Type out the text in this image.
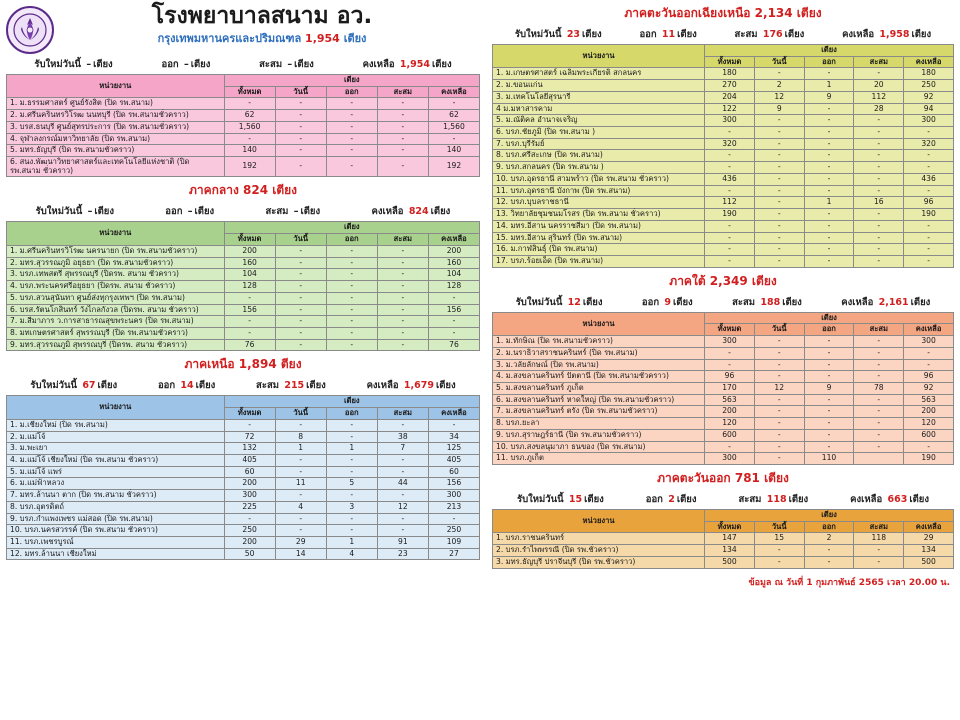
โรงพยาบาลสนาม อว.
กรุงเทพมหานครและปริมณฑล 1,954 เตียง
รับใหม่วันนี้ – เตียง	ออก – เตียง	สะสม – เตียง	คงเหลือ 1,954 เตียง
หน่วยงาน	เตียง				
	ทั้งหมด	วันนี้	ออก	สะสม	คงเหลือ
1. ม.ธรรมศาสตร์ ศูนย์รังสิต (ปิด รพ.สนาม)	-	-	-	-	-
2. ม.ศรีนครินทรวิโรฒ นนทบุรี (ปิด รพ.สนามชั่วคราว)	62	-	-	-	62
3. บรส.ธนบุรี ศูนย์สุทรประการ (ปิด รพ.สนามชั่วคราว)	1,560	-	-	-	1,560
4. จุฬาลงกรณ์มหาวิทยาลัย (ปิด รพ.สนาม)	-	-	-	-	-
5. มทร.ธัญบุรี (ปิด รพ.สนามชั่วคราว)	140	-	-	-	140
6. สนง.พัฒนาวิทยาศาสตร์และเทคโนโลยีแห่งชาติ (ปิด รพ.สนาม ชั่วคราว)	192	-	-	-	192
ภาคกลาง 824 เตียง
รับใหม่วันนี้ – เตียง	ออก – เตียง	สะสม – เตียง	คงเหลือ 824 เตียง
หน่วยงาน	เตียง				
	ทั้งหมด	วันนี้	ออก	สะสม	คงเหลือ
1. ม.ศรีนครินทรวิโรฒ นครนายก (ปิด รพ.สนามชั่วคราว)	200	-	-	-	200
2. มทร.สุวรรณภูมิ อยุธยา (ปิด รพ.สนามชั่วคราว)	160	-	-	-	160
3. บรภ.เทพสตรี สุพรรณบุรี (ปิดรพ. สนาม ชั่วคราว)	104	-	-	-	104
4. บรภ.พระนครศรีอยุธยา (ปิดรพ. สนาม ชั่วคราว)	128	-	-	-	128
5. บรภ.สวนสุนันทา ศูนย์ส่งทุกรุงเทพฯ (ปิด รพ.สนาม)	-	-	-	-	-
6. บรส.รัตนโกสินทร์ วังไกลกังวล (ปิดรพ. สนาม ชั่วคราว)	156	-	-	-	156
7. ม.สีมาภาร ว.การสาธารณสุขพระนคร (ปิด รพ.สนาม)	-	-	-	-	-
8. มทเกษตรศาสตร์ สุพรรณบุรี (ปิด รพ.สนามชั่วคราว)	-	-	-	-	-
9. มทร.สุวรรณภูมิ สุพรรณบุรี (ปิดรพ. สนาม ชั่วคราว)	76	-	-	-	76
ภาคเหนือ 1,894 ตียง
รับใหม่วันนี้ 67 เตียง	ออก 14 เตียง	สะสม 215 เตียง	คงเหลือ 1,679 เตียง
หน่วยงาน	เตียง				
	ทั้งหมด	วันนี้	ออก	สะสม	คงเหลือ
1. ม.เชียงใหม่ (ปิด รพ.สนาม)	-	-	-	-	-
2. ม.แม่โจ้	72	8	-	38	34
3. ม.พะเยา	132	1	1	7	125
4. ม.แม่โจ้ เชียงใหม่ (ปิด รพ.สนาม ชั่วคราว)	405	-	-	-	405
5. ม.แม่โจ้ แพร่	60	-	-	-	60
6. ม.แม่ฟ้าหลวง	200	11	5	44	156
7. มทร.ล้านนา ตาก (ปิด รพ.สนาม ชั่วคราว)	300	-	-	-	300
8. บรภ.อุตรดิตถ์	225	4	3	12	213
9. บรภ.กำแพงเพชร แม่สอด (ปิด รพ.สนาม)	-	-	-	-	-
10. บรภ.นครสวรรค์ (ปิด รพ.สนาม ชั่วคราว)	250	-	-	-	250
11. บรภ.เพชรบูรณ์	200	29	1	91	109
12. มทร.ล้านนา เชียงใหม่	50	14	4	23	27
ภาคตะวันออกเฉียงเหนือ 2,134 เตียง
รับใหม่วันนี้ 23 เตียง	ออก 11 เตียง	สะสม 176 เตียง	คงเหลือ 1,958 เตียง
หน่วยงาน	เตียง				
	ทั้งหมด	วันนี้	ออก	สะสม	คงเหลือ
1. ม.เกษตรศาสตร์ เฉลิมพระเกียรติ สกลนคร	180	-	-	-	180
2. ม.ขอนแก่น	270	2	1	20	250
3. ม.เทคโนโลยีสุรนารี	204	12	9	112	92
4 ม.มหาสารคาม	122	9	-	28	94
5. ม.ณัติคล อำนาจเจริญ	300	-	-	-	300
6. บรภ.ชัยภูมิ (ปิด รพ.สนาม )	-	-	-	-	-
7. บรภ.บุรีรัมย์	320	-	-	-	320
8. บรภ.ศรีสะเกษ (ปิด รพ.สนาม)	-	-	-	-	-
9. บรภ.สกลนคร (ปิด รพ.สนาม )	-	-	-	-	-
10. บรภ.อุดรธานี สามพร้าว (ปิด รพ.สนาม ชั่วคราว)	436	-	-	-	436
11. บรภ.อุดรธานี บังกาพ (ปิด รพ.สนาม)	-	-	-	-	-
12. บรภ.บุบลราชธานี	112	-	1	16	96
13. วิทยาลัยชุมชนมโรสร (ปิด รพ.สนาม ชั่วคราว)	190	-	-	-	190
14. มทร.อีสาน นครราชสีมา (ปิด รพ.สนาม)	-	-	-	-	-
15. มทร.อีสาน สุรินทร์ (ปิด รพ.สนาม)	-	-	-	-	-
16. ม.กาฬสินธุ์ (ปิด รพ.สนาม)	-	-	-	-	-
17. บรภ.ร้อยเอ็ด (ปิด รพ.สนาม)	-	-	-	-	-
ภาคใต้ 2,349 เตียง
รับใหม่วันนี้ 12 เตียง	ออก 9 เตียง	สะสม 188 เตียง	คงเหลือ 2,161 เตียง
หน่วยงาน	เตียง				
	ทั้งหมด	วันนี้	ออก	สะสม	คงเหลือ
1. ม.ทักษิณ (ปิด รพ.สนามชั่วคราว)	300	-	-	-	300
2. ม.นราธิวาสราชนครินทร์ (ปิด รพ.สนาม)	-	-	-	-	-
3. ม.วลัยลักษณ์ (ปิด รพ.สนาม)	-	-	-	-	-
4. ม.สงขลานครินทร์ ปัตตานี (ปิด รพ.สนามชั่วคราว)	96	-	-	-	96
5. ม.สงขลานครินทร์ ภูเก็ต	170	12	9	78	92
6. ม.สงขลานครินทร์ หาดใหญ่ (ปิด รพ.สนามชั่วคราว)	563	-	-	-	563
7. ม.สงขลานครินทร์ ตรัง (ปิด รพ.สนามชั่วคราว)	200	-	-	-	200
8. บรภ.ยะลา	120	-	-	-	120
9. บรภ.สุราษฎร์ธานี (ปิด รพ.สนามชั่วคราว)	600	-	-	-	600
10. บรภ.สงขลนุมาภา ธนของ (ปิด รพ.สนาม)	-	-	-	-	-
11. บรภ.ภูเก็ต	300	-	110		190
ภาคตะวันออก 781 เตียง
รับใหม่วันนี้ 15 เตียง	ออก 2 เตียง	สะสม 118 เตียง	คงเหลือ 663 เตียง
หน่วยงาน	เตียง				
	ทั้งหมด	วันนี้	ออก	สะสม	คงเหลือ
1. บรภ.ราชนครินทร์	147	15	2	118	29
2. บรภ.รำไพพรรณี (ปิด รพ.ชั่วคราว)	134	-	-	-	134
3. มทร.ธัญบุรี ปราจีนบุรี (ปิด รพ.ชั่วคราว)	500	-	-	-	500
ข้อมูล ณ วันที่ 1 กุมภาพันธ์ 2565 เวลา 20.00 น.
